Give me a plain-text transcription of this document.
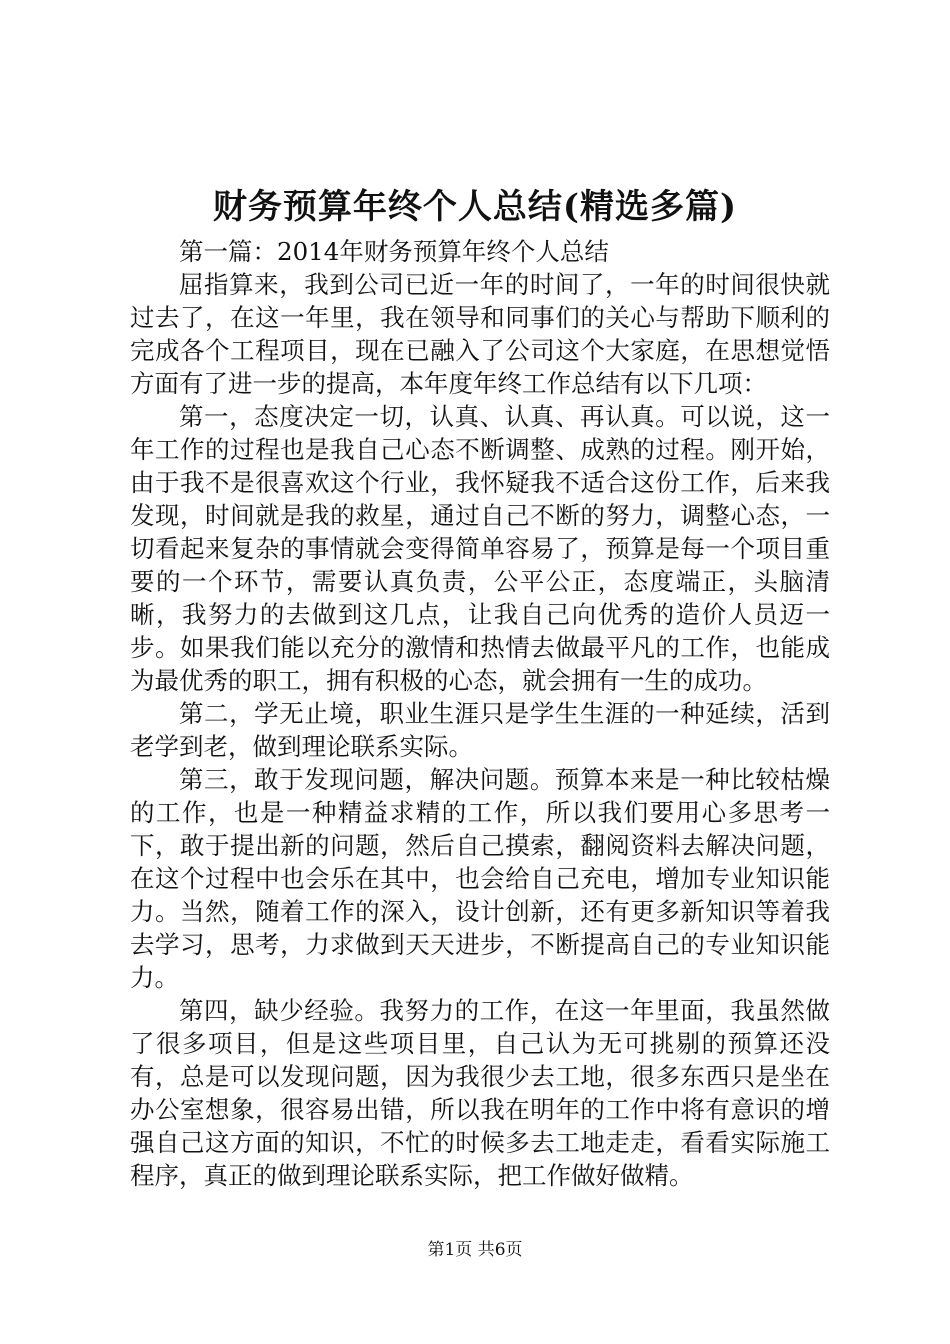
财务预算年终个人总结(精选多篇)

第一篇：2014年财务预算年终个人总结

屈指算来，我到公司已近一年的时间了，一年的时间很快就过去了，在这一年里，我在领导和同事们的关心与帮助下顺利的完成各个工程项目，现在已融入了公司这个大家庭，在思想觉悟方面有了进一步的提高，本年度年终工作总结有以下几项：

第一，态度决定一切，认真、认真、再认真。可以说，这一年工作的过程也是我自己心态不断调整、成熟的过程。刚开始，由于我不是很喜欢这个行业，我怀疑我不适合这份工作，后来我发现，时间就是我的救星，通过自己不断的努力，调整心态，一切看起来复杂的事情就会变得简单容易了，预算是每一个项目重要的一个环节，需要认真负责，公平公正，态度端正，头脑清晰，我努力的去做到这几点，让我自己向优秀的造价人员迈一步。如果我们能以充分的激情和热情去做最平凡的工作，也能成为最优秀的职工，拥有积极的心态，就会拥有一生的成功。

第二，学无止境，职业生涯只是学生生涯的一种延续，活到老学到老，做到理论联系实际。

第三，敢于发现问题，解决问题。预算本来是一种比较枯燥的工作，也是一种精益求精的工作，所以我们要用心多思考一下，敢于提出新的问题，然后自己摸索，翻阅资料去解决问题，在这个过程中也会乐在其中，也会给自己充电，增加专业知识能力。当然，随着工作的深入，设计创新，还有更多新知识等着我去学习，思考，力求做到天天进步，不断提高自己的专业知识能力。

第四，缺少经验。我努力的工作，在这一年里面，我虽然做了很多项目，但是这些项目里，自己认为无可挑剔的预算还没有，总是可以发现问题，因为我很少去工地，很多东西只是坐在办公室想象，很容易出错，所以我在明年的工作中将有意识的增强自己这方面的知识，不忙的时候多去工地走走，看看实际施工程序，真正的做到理论联系实际，把工作做好做精。

第1页 共6页
